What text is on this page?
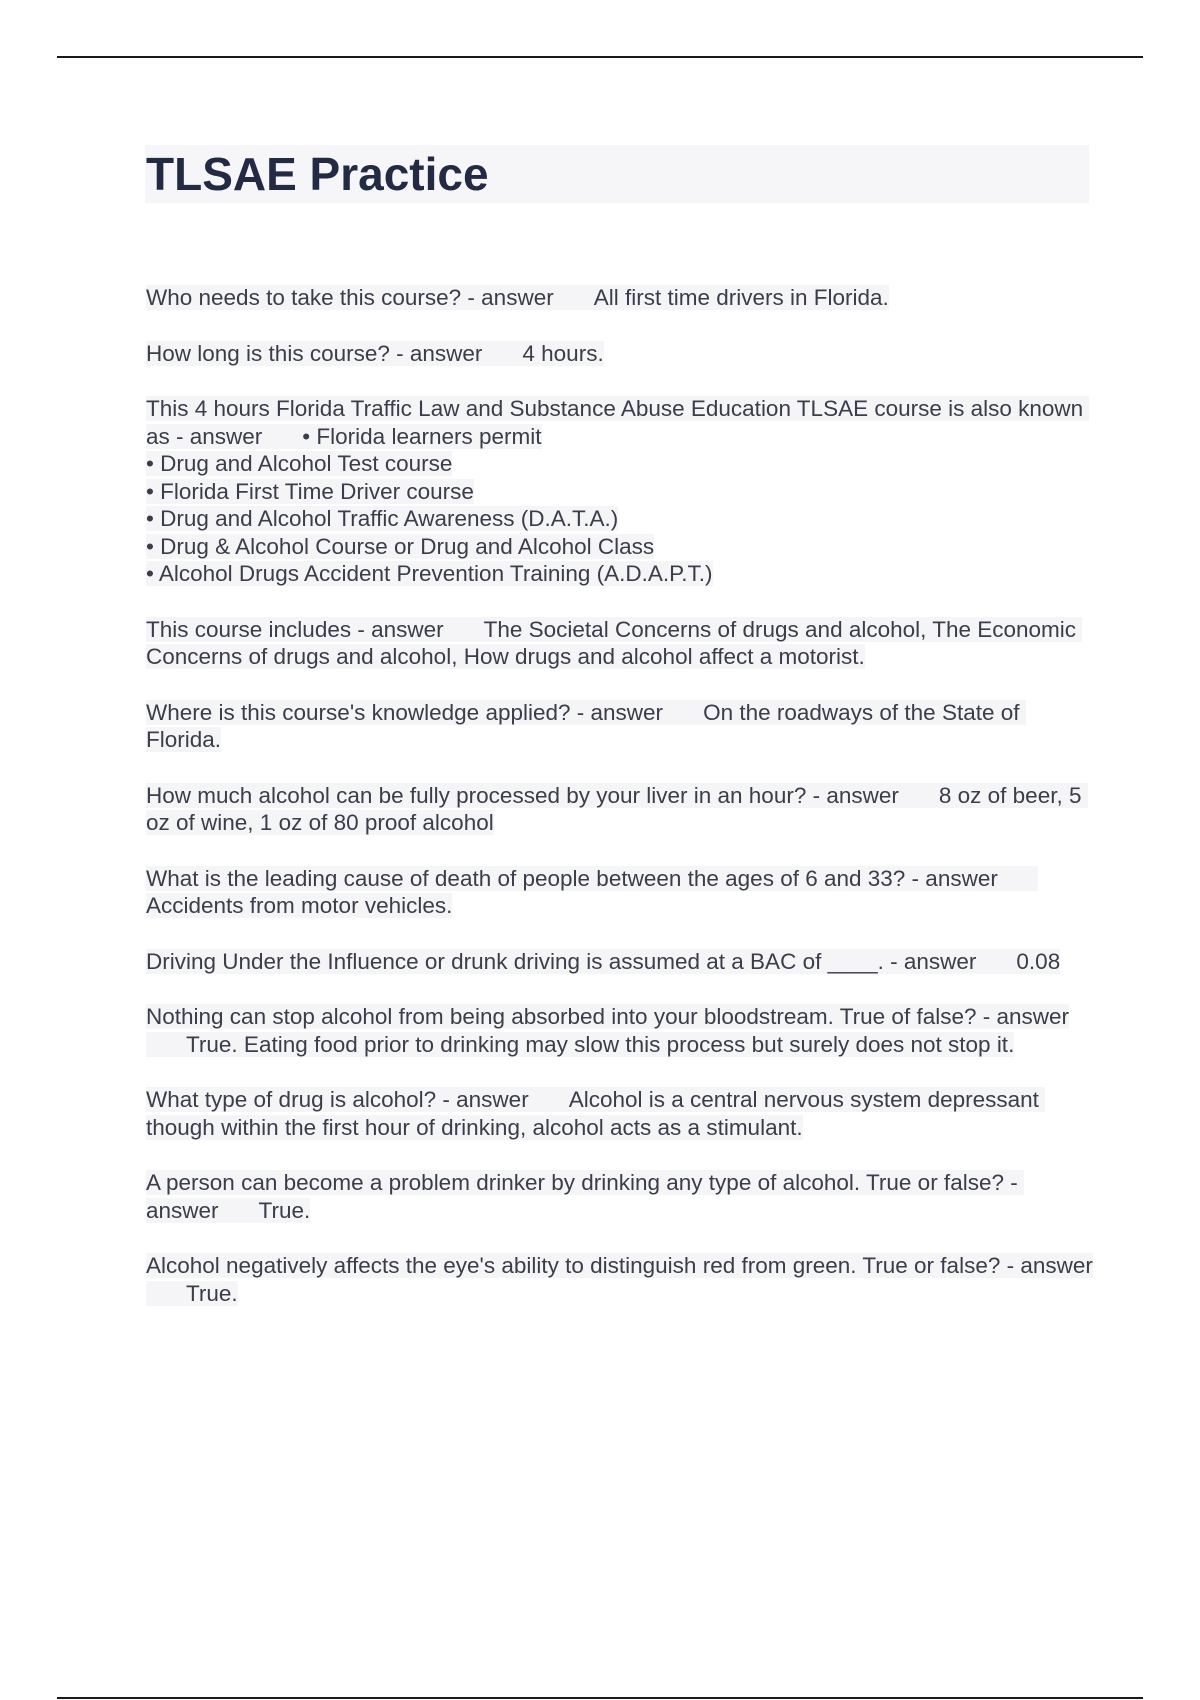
TLSAE Practice

Who needs to take this course? - answer All first time drivers in Florida.

How long is this course? - answer 4 hours.

This 4 hours Florida Traffic Law and Substance Abuse Education TLSAE course is also known as - answer • Florida learners permit
• Drug and Alcohol Test course
• Florida First Time Driver course
• Drug and Alcohol Traffic Awareness (D.A.T.A.)
• Drug & Alcohol Course or Drug and Alcohol Class
• Alcohol Drugs Accident Prevention Training (A.D.A.P.T.)

This course includes - answer The Societal Concerns of drugs and alcohol, The Economic Concerns of drugs and alcohol, How drugs and alcohol affect a motorist.

Where is this course's knowledge applied? - answer On the roadways of the State of Florida.

How much alcohol can be fully processed by your liver in an hour? - answer 8 oz of beer, 5 oz of wine, 1 oz of 80 proof alcohol

What is the leading cause of death of people between the ages of 6 and 33? - answerAccidents from motor vehicles.

Driving Under the Influence or drunk driving is assumed at a BAC of ____. - answer 0.08

Nothing can stop alcohol from being absorbed into your bloodstream. True of false? - answerTrue. Eating food prior to drinking may slow this process but surely does not stop it.

What type of drug is alcohol? - answer Alcohol is a central nervous system depressant though within the first hour of drinking, alcohol acts as a stimulant.

A person can become a problem drinker by drinking any type of alcohol. True or false? - answer True.

Alcohol negatively affects the eye's ability to distinguish red from green. True or false? - answerTrue.
